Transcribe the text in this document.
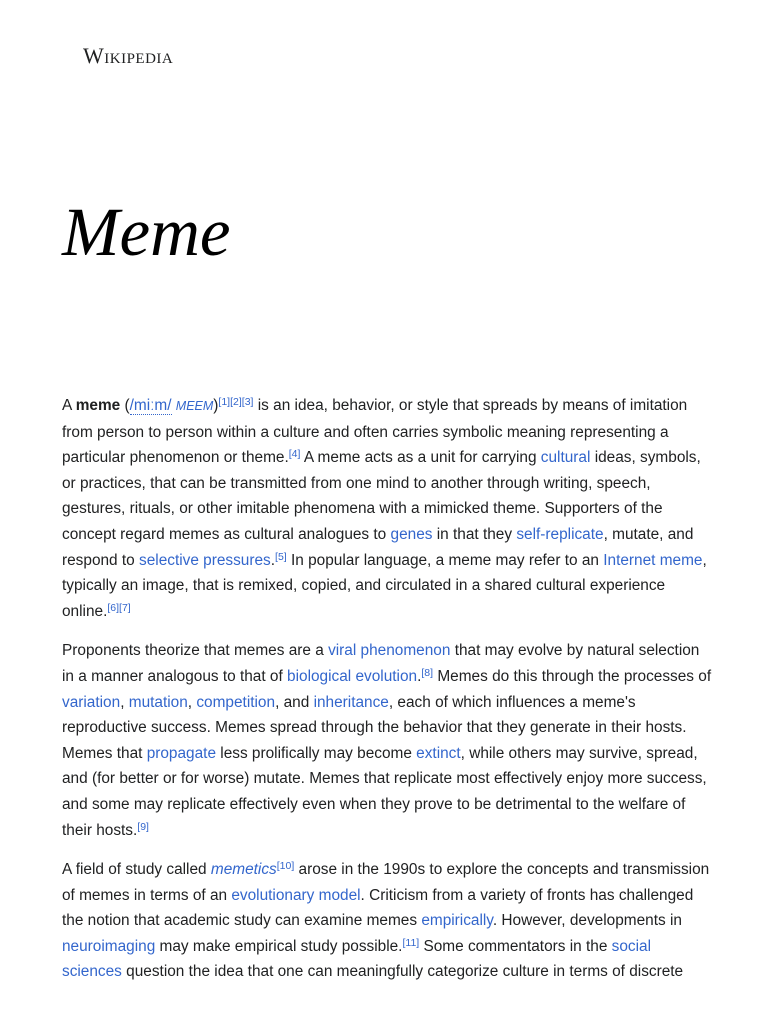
Wikipedia
Meme

A meme (/miːm/ MEEM)[1][2][3] is an idea, behavior, or style that spreads by means of imitation from person to person within a culture and often carries symbolic meaning representing a particular phenomenon or theme.[4] A meme acts as a unit for carrying cultural ideas, symbols, or practices, that can be transmitted from one mind to another through writing, speech, gestures, rituals, or other imitable phenomena with a mimicked theme. Supporters of the concept regard memes as cultural analogues to genes in that they self-replicate, mutate, and respond to selective pressures.[5] In popular language, a meme may refer to an Internet meme, typically an image, that is remixed, copied, and circulated in a shared cultural experience online.[6][7]

Proponents theorize that memes are a viral phenomenon that may evolve by natural selection in a manner analogous to that of biological evolution.[8] Memes do this through the processes of variation, mutation, competition, and inheritance, each of which influences a meme's reproductive success. Memes spread through the behavior that they generate in their hosts. Memes that propagate less prolifically may become extinct, while others may survive, spread, and (for better or for worse) mutate. Memes that replicate most effectively enjoy more success, and some may replicate effectively even when they prove to be detrimental to the welfare of their hosts.[9]

A field of study called memetics[10] arose in the 1990s to explore the concepts and transmission of memes in terms of an evolutionary model. Criticism from a variety of fronts has challenged the notion that academic study can examine memes empirically. However, developments in neuroimaging may make empirical study possible.[11] Some commentators in the social sciences question the idea that one can meaningfully categorize culture in terms of discrete
